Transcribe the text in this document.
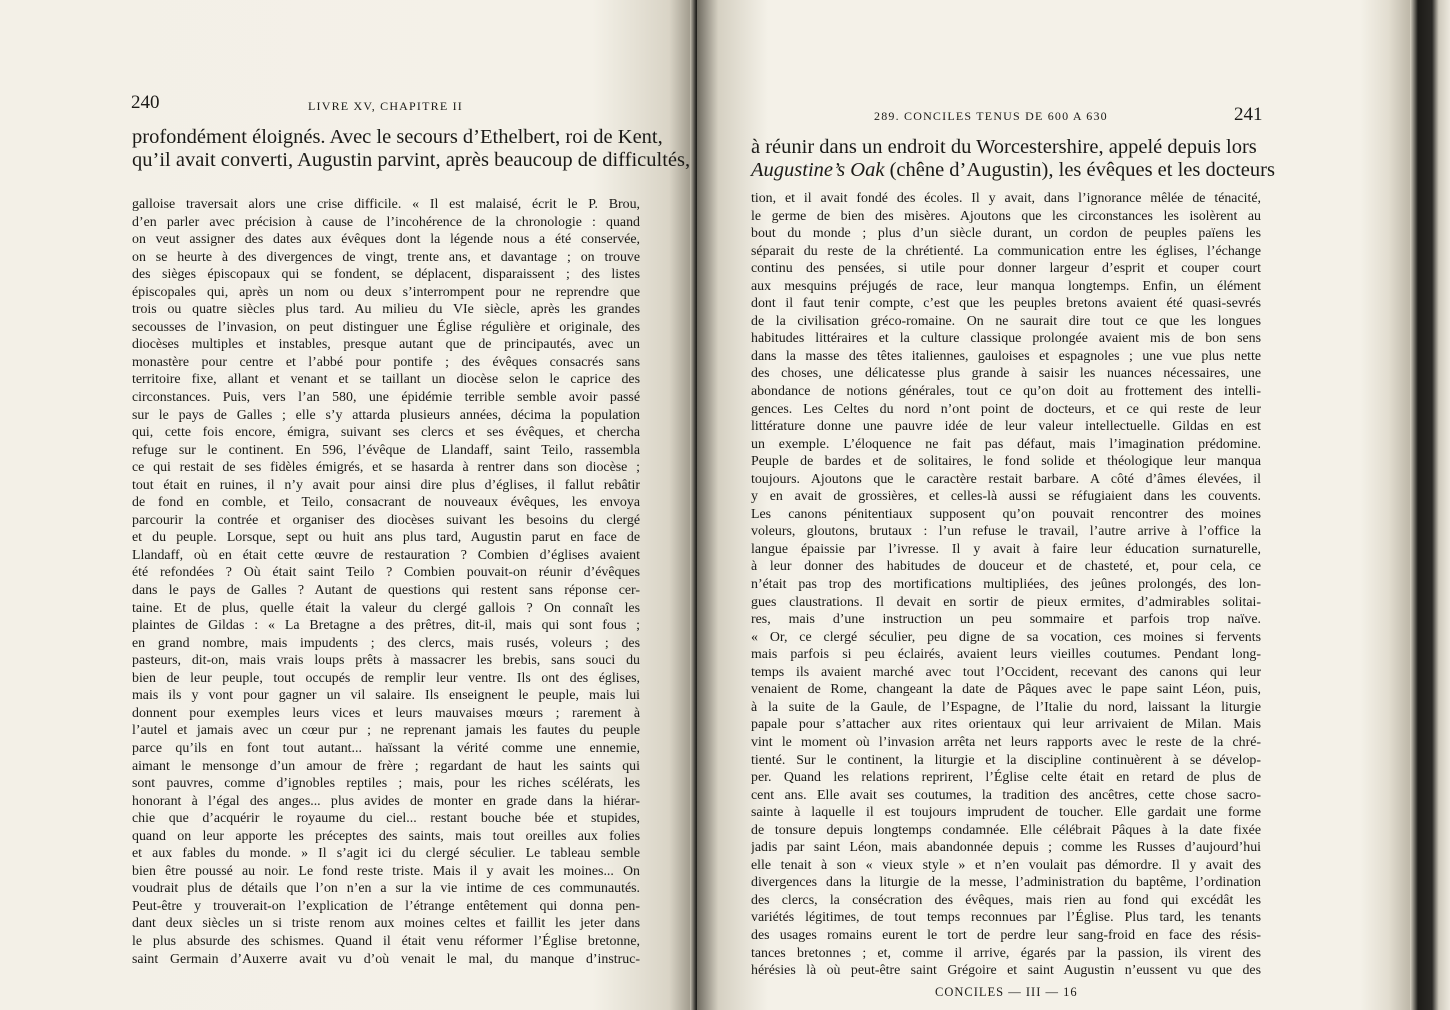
240	LIVRE XV, CHAPITRE II
profondément éloignés. Avec le secours d’Ethelbert, roi de Kent,
qu’il avait converti, Augustin parvint, après beaucoup de difficultés,
galloise traversait alors une crise difficile. « Il est malaisé, écrit le P. Brou,
d’en parler avec précision à cause de l’incohérence de la chronologie : quand
on veut assigner des dates aux évêques dont la légende nous a été conservée,
on se heurte à des divergences de vingt, trente ans, et davantage ; on trouve
des sièges épiscopaux qui se fondent, se déplacent, disparaissent ; des listes
épiscopales qui, après un nom ou deux s’interrompent pour ne reprendre que
trois ou quatre siècles plus tard. Au milieu du VIe siècle, après les grandes
secousses de l’invasion, on peut distinguer une Église régulière et originale, des
diocèses multiples et instables, presque autant que de principautés, avec un
monastère pour centre et l’abbé pour pontife ; des évêques consacrés sans
territoire fixe, allant et venant et se taillant un diocèse selon le caprice des
circonstances. Puis, vers l’an 580, une épidémie terrible semble avoir passé
sur le pays de Galles ; elle s’y attarda plusieurs années, décima la population
qui, cette fois encore, émigra, suivant ses clercs et ses évêques, et chercha
refuge sur le continent. En 596, l’évêque de Llandaff, saint Teilo, rassembla
ce qui restait de ses fidèles émigrés, et se hasarda à rentrer dans son diocèse ;
tout était en ruines, il n’y avait pour ainsi dire plus d’églises, il fallut rebâtir
de fond en comble, et Teilo, consacrant de nouveaux évêques, les envoya
parcourir la contrée et organiser des diocèses suivant les besoins du clergé
et du peuple. Lorsque, sept ou huit ans plus tard, Augustin parut en face de
Llandaff, où en était cette œuvre de restauration ? Combien d’églises avaient
été refondées ? Où était saint Teilo ? Combien pouvait-on réunir d’évêques
dans le pays de Galles ? Autant de questions qui restent sans réponse cer-
taine. Et de plus, quelle était la valeur du clergé gallois ? On connaît les
plaintes de Gildas : « La Bretagne a des prêtres, dit-il, mais qui sont fous ;
en grand nombre, mais impudents ; des clercs, mais rusés, voleurs ; des
pasteurs, dit-on, mais vrais loups prêts à massacrer les brebis, sans souci du
bien de leur peuple, tout occupés de remplir leur ventre. Ils ont des églises,
mais ils y vont pour gagner un vil salaire. Ils enseignent le peuple, mais lui
donnent pour exemples leurs vices et leurs mauvaises mœurs ; rarement à
l’autel et jamais avec un cœur pur ; ne reprenant jamais les fautes du peuple
parce qu’ils en font tout autant... haïssant la vérité comme une ennemie,
aimant le mensonge d’un amour de frère ; regardant de haut les saints qui
sont pauvres, comme d’ignobles reptiles ; mais, pour les riches scélérats, les
honorant à l’égal des anges... plus avides de monter en grade dans la hiérar-
chie que d’acquérir le royaume du ciel... restant bouche bée et stupides,
quand on leur apporte les préceptes des saints, mais tout oreilles aux folies
et aux fables du monde. » Il s’agit ici du clergé séculier. Le tableau semble
bien être poussé au noir. Le fond reste triste. Mais il y avait les moines... On
voudrait plus de détails que l’on n’en a sur la vie intime de ces communautés.
Peut-être y trouverait-on l’explication de l’étrange entêtement qui donna pen-
dant deux siècles un si triste renom aux moines celtes et faillit les jeter dans
le plus absurde des schismes. Quand il était venu réformer l’Église bretonne,
saint Germain d’Auxerre avait vu d’où venait le mal, du manque d’instruc-
289. CONCILES TENUS DE 600 A 630	241
à réunir dans un endroit du Worcestershire, appelé depuis lors
Augustine’s Oak (chêne d’Augustin), les évêques et les docteurs
tion, et il avait fondé des écoles. Il y avait, dans l’ignorance mêlée de ténacité,
le germe de bien des misères. Ajoutons que les circonstances les isolèrent au
bout du monde ; plus d’un siècle durant, un cordon de peuples païens les
séparait du reste de la chrétienté. La communication entre les églises, l’échange
continu des pensées, si utile pour donner largeur d’esprit et couper court
aux mesquins préjugés de race, leur manqua longtemps. Enfin, un élément
dont il faut tenir compte, c’est que les peuples bretons avaient été quasi-sevrés
de la civilisation gréco-romaine. On ne saurait dire tout ce que les longues
habitudes littéraires et la culture classique prolongée avaient mis de bon sens
dans la masse des têtes italiennes, gauloises et espagnoles ; une vue plus nette
des choses, une délicatesse plus grande à saisir les nuances nécessaires, une
abondance de notions générales, tout ce qu’on doit au frottement des intelli-
gences. Les Celtes du nord n’ont point de docteurs, et ce qui reste de leur
littérature donne une pauvre idée de leur valeur intellectuelle. Gildas en est
un exemple. L’éloquence ne fait pas défaut, mais l’imagination prédomine.
Peuple de bardes et de solitaires, le fond solide et théologique leur manqua
toujours. Ajoutons que le caractère restait barbare. A côté d’âmes élevées, il
y en avait de grossières, et celles-là aussi se réfugiaient dans les couvents.
Les canons pénitentiaux supposent qu’on pouvait rencontrer des moines
voleurs, gloutons, brutaux : l’un refuse le travail, l’autre arrive à l’office la
langue épaissie par l’ivresse. Il y avait à faire leur éducation surnaturelle,
à leur donner des habitudes de douceur et de chasteté, et, pour cela, ce
n’était pas trop des mortifications multipliées, des jeûnes prolongés, des lon-
gues claustrations. Il devait en sortir de pieux ermites, d’admirables solitai-
res, mais d’une instruction un peu sommaire et parfois trop naïve.
« Or, ce clergé séculier, peu digne de sa vocation, ces moines si fervents
mais parfois si peu éclairés, avaient leurs vieilles coutumes. Pendant long-
temps ils avaient marché avec tout l’Occident, recevant des canons qui leur
venaient de Rome, changeant la date de Pâques avec le pape saint Léon, puis,
à la suite de la Gaule, de l’Espagne, de l’Italie du nord, laissant la liturgie
papale pour s’attacher aux rites orientaux qui leur arrivaient de Milan. Mais
vint le moment où l’invasion arrêta net leurs rapports avec le reste de la chré-
tienté. Sur le continent, la liturgie et la discipline continuèrent à se dévelop-
per. Quand les relations reprirent, l’Église celte était en retard de plus de
cent ans. Elle avait ses coutumes, la tradition des ancêtres, cette chose sacro-
sainte à laquelle il est toujours imprudent de toucher. Elle gardait une forme
de tonsure depuis longtemps condamnée. Elle célébrait Pâques à la date fixée
jadis par saint Léon, mais abandonnée depuis ; comme les Russes d’aujourd’hui
elle tenait à son « vieux style » et n’en voulait pas démordre. Il y avait des
divergences dans la liturgie de la messe, l’administration du baptême, l’ordination
des clercs, la consécration des évêques, mais rien au fond qui excédât les
variétés légitimes, de tout temps reconnues par l’Église. Plus tard, les tenants
des usages romains eurent le tort de perdre leur sang-froid en face des résis-
tances bretonnes ; et, comme il arrive, égarés par la passion, ils virent des
hérésies là où peut-être saint Grégoire et saint Augustin n’eussent vu que des
CONCILES — III — 16
